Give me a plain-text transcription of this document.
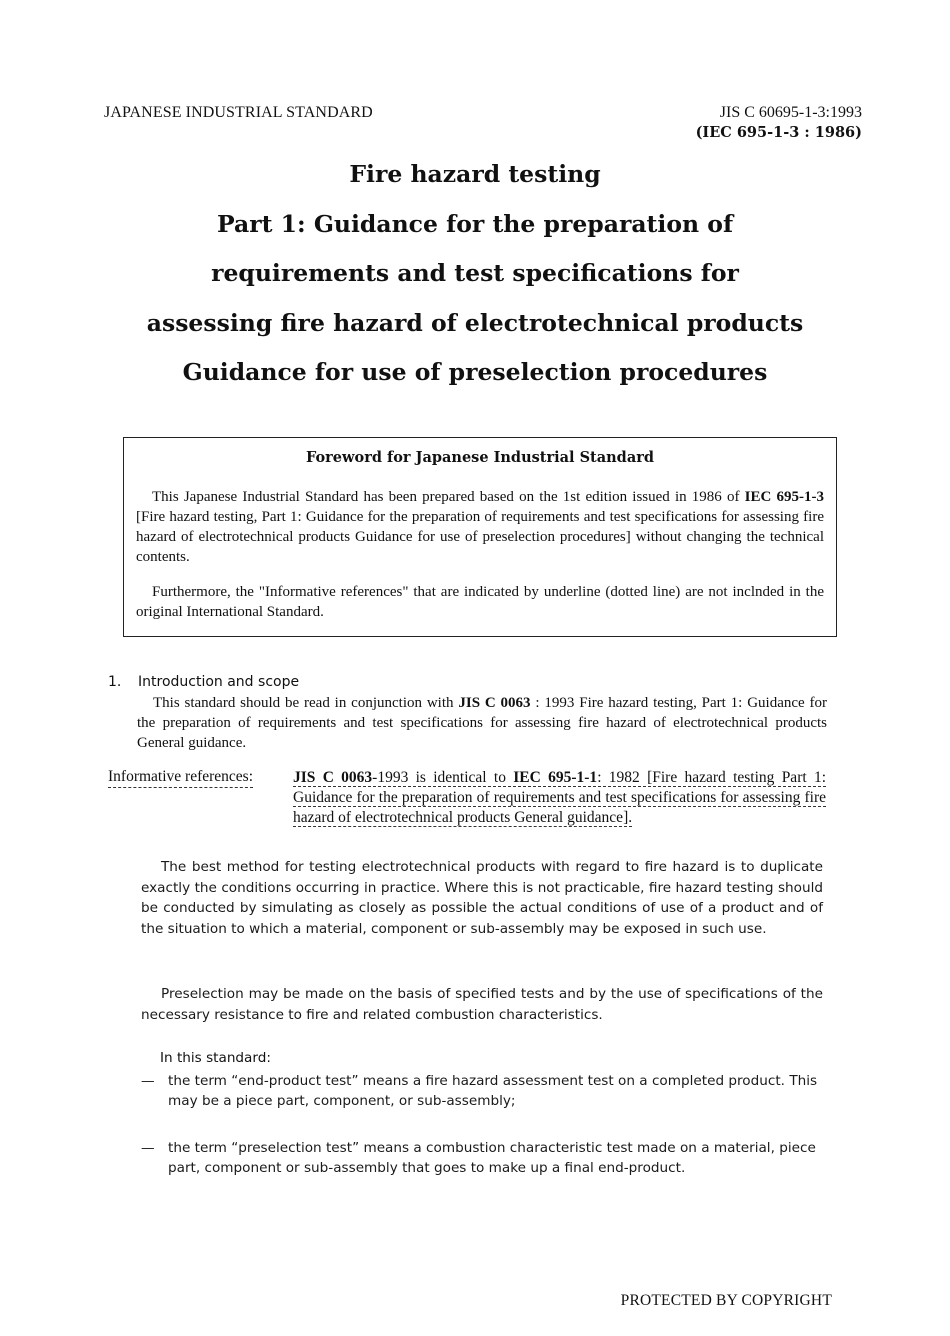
JAPANESE INDUSTRIAL STANDARD	JIS C 60695-1-3:1993
(IEC 695-1-3 : 1986)
Fire hazard testing
Part 1: Guidance for the preparation of
requirements and test specifications for
assessing fire hazard of electrotechnical products
Guidance for use of preselection procedures
Foreword for Japanese Industrial Standard

This Japanese Industrial Standard has been prepared based on the 1st edition issued in 1986 of IEC 695-1-3 [Fire hazard testing, Part 1: Guidance for the preparation of requirements and test specifications for assessing fire hazard of electrotechnical products Guidance for use of preselection procedures] without changing the technical contents.

Furthermore, the "Informative references" that are indicated by underline (dotted line) are not inclnded in the original International Standard.

1. Introduction and scope

This standard should be read in conjunction with JIS C 0063 : 1993 Fire hazard testing, Part 1: Guidance for the preparation of requirements and test specifications for assessing fire hazard of electrotechnical products General guidance.

Informative references:	JIS C 0063-1993 is identical to IEC 695-1-1: 1982 [Fire hazard testing Part 1: Guidance for the preparation of requirements and test specifications for assessing fire hazard of electrotechnical products General guidance].

The best method for testing electrotechnical products with regard to fire hazard is to duplicate exactly the conditions occurring in practice. Where this is not practicable, fire hazard testing should be conducted by simulating as closely as possible the actual conditions of use of a product and of the situation to which a material, component or sub-assembly may be exposed in such use.

Preselection may be made on the basis of specified tests and by the use of specifications of the necessary resistance to fire and related combustion characteristics.

In this standard:
— the term “end-product test” means a fire hazard assessment test on a completed product. This may be a piece part, component, or sub-assembly;
— the term “preselection test” means a combustion characteristic test made on a material, piece part, component or sub-assembly that goes to make up a final end-product.
PROTECTED BY COPYRIGHT
